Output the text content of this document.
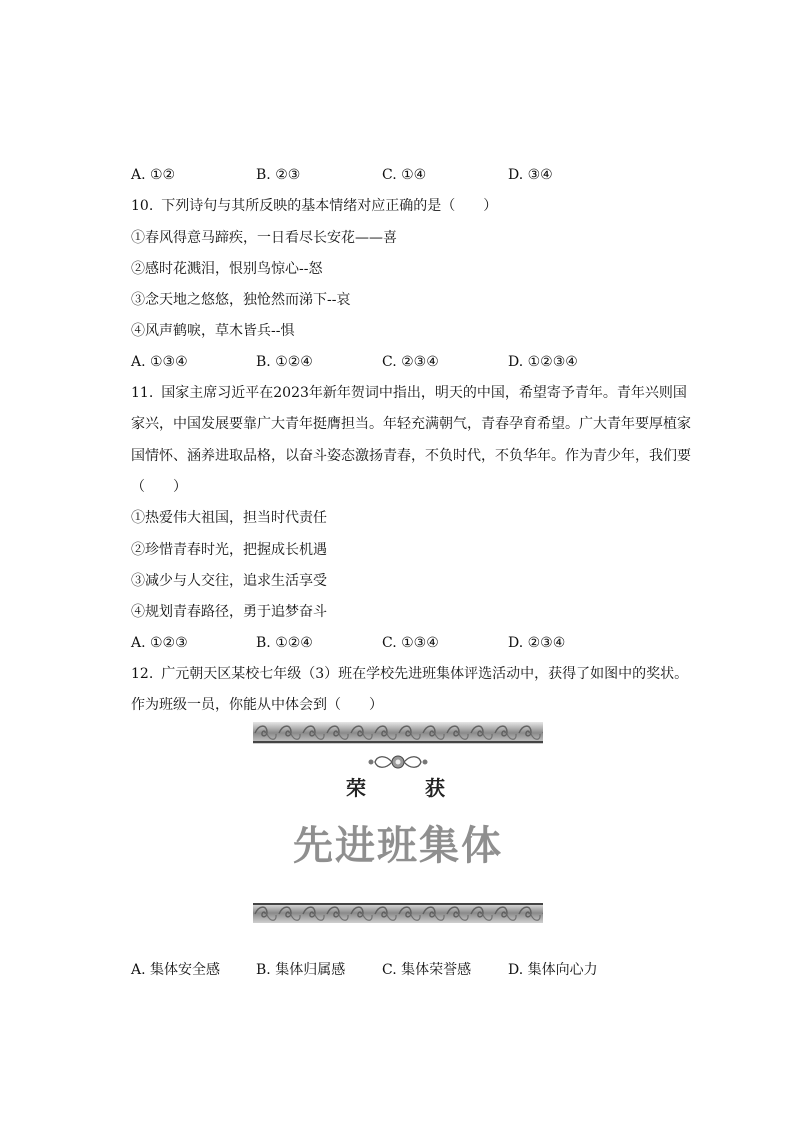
A. ①②	B. ②③	C. ①④	D. ③④
10. 下列诗句与其所反映的基本情绪对应正确的是（　　）
①春风得意马蹄疾，一日看尽长安花——喜
②感时花溅泪，恨别鸟惊心--怒
③念天地之悠悠，独怆然而涕下--哀
④风声鹤唳，草木皆兵--惧
A. ①③④	B. ①②④	C. ②③④	D. ①②③④
11. 国家主席习近平在2023年新年贺词中指出，明天的中国，希望寄予青年。青年兴则国
家兴，中国发展要靠广大青年挺膺担当。年轻充满朝气，青春孕育希望。广大青年要厚植家
国情怀、涵养进取品格，以奋斗姿态激扬青春，不负时代，不负华年。作为青少年，我们要
（　　）
①热爱伟大祖国，担当时代责任
②珍惜青春时光，把握成长机遇
③减少与人交往，追求生活享受
④规划青春路径，勇于追梦奋斗
A. ①②③	B. ①②④	C. ①③④	D. ②③④
12. 广元朝天区某校七年级（3）班在学校先进班集体评选活动中，获得了如图中的奖状。
作为班级一员，你能从中体会到（　　）
荣	获
先进班集体
A. 集体安全感	B. 集体归属感	C. 集体荣誉感	D. 集体向心力
